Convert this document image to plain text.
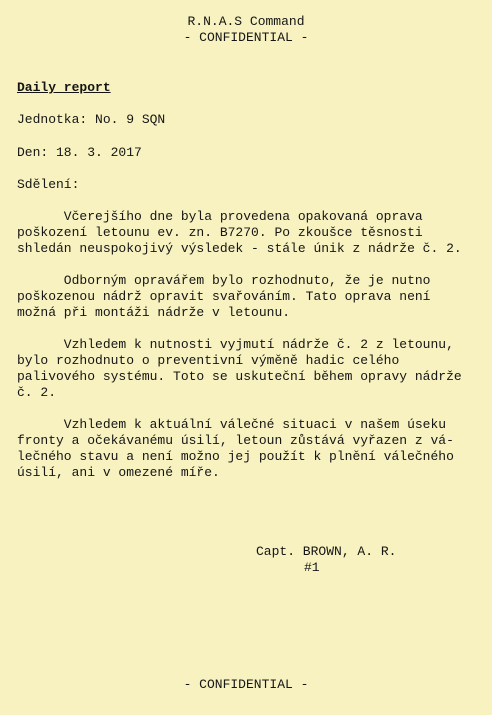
R.N.A.S Command
- CONFIDENTIAL -
Daily report
Jednotka: No. 9 SQN
Den: 18. 3. 2017
Sdělení:
Včerejšího dne byla provedena opakovaná oprava
poškození letounu ev. zn. B7270. Po zkoušce těsnosti
shledán neuspokojivý výsledek - stále únik z nádrže č. 2.
Odborným opravářem bylo rozhodnuto, že je nutno
poškozenou nádrž opravit svařováním. Tato oprava není
možná při montáži nádrže v letounu.
Vzhledem k nutnosti vyjmutí nádrže č. 2 z letounu,
bylo rozhodnuto o preventivní výměně hadic celého
palivového systému. Toto se uskuteční během opravy nádrže
č. 2.
Vzhledem k aktuální válečné situaci v našem úseku
fronty a očekávanému úsilí, letoun zůstává vyřazen z vá-
lečného stavu a není možno jej použít k plnění válečného
úsilí, ani v omezené míře.
Capt. BROWN, A. R.
#1
- CONFIDENTIAL -
